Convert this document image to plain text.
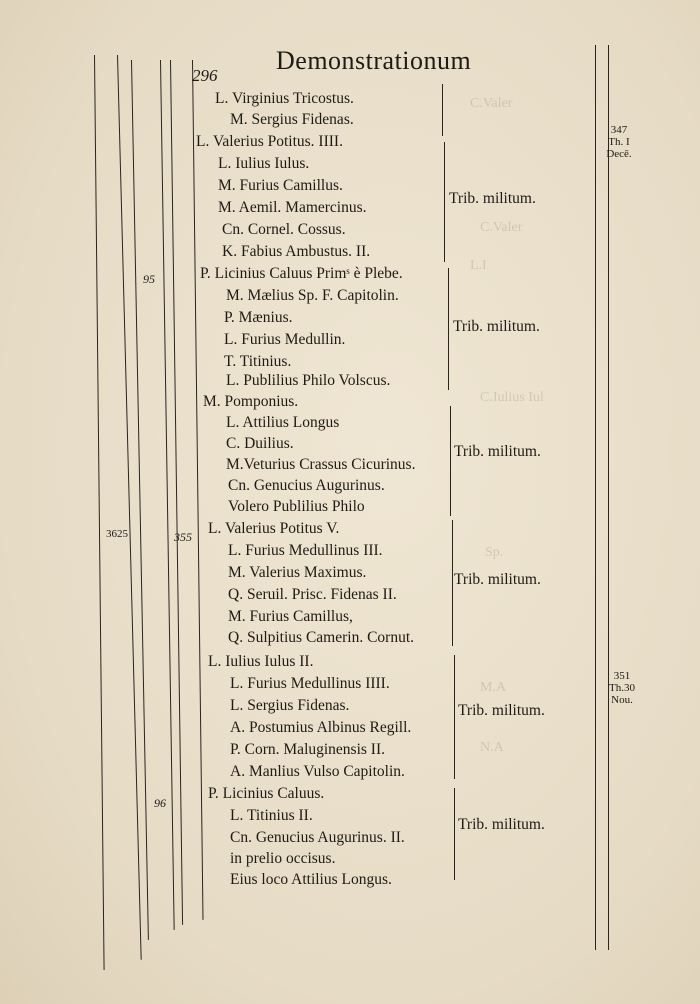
C.Valer
C.Valer
L.I
C.Iulius Iul
Sp.
M.A
N.A
296
Demonstrationum
95
3625	355
96
347
Th. I
Decē.
351
Th.30
Nou.
L. Virginius Tricostus.
M. Sergius Fidenas.
L. Valerius Potitus. IIII.
L. Iulius Iulus.
M. Furius Camillus.
M. Aemil. Mamercinus.
Cn. Cornel. Cossus.
K. Fabius Ambustus. II.
Trib. militum.
P. Licinius Caluus Primˢ è Plebe.
M. Mælius Sp. F. Capitolin.
P. Mænius.
L. Furius Medullin.
T. Titinius.
L. Publilius Philo Volscus.
Trib. militum.
M. Pomponius.
L. Attilius Longus
C. Duilius.
M.Veturius Crassus Cicurinus.
Cn. Genucius Augurinus.
Volero Publilius Philo
Trib. militum.
L. Valerius Potitus V.
L. Furius Medullinus III.
M. Valerius Maximus.
Q. Seruil. Prisc. Fidenas II.
M. Furius Camillus,
Q. Sulpitius Camerin. Cornut.
Trib. militum.
L. Iulius Iulus II.
L. Furius Medullinus IIII.
L. Sergius Fidenas.
A. Postumius Albinus Regill.
P. Corn. Maluginensis II.
A. Manlius Vulso Capitolin.
Trib. militum.
P. Licinius Caluus.
L. Titinius II.
Cn. Genucius Augurinus. II.
in prelio occisus.
Eius loco Attilius Longus.
Trib. militum.
